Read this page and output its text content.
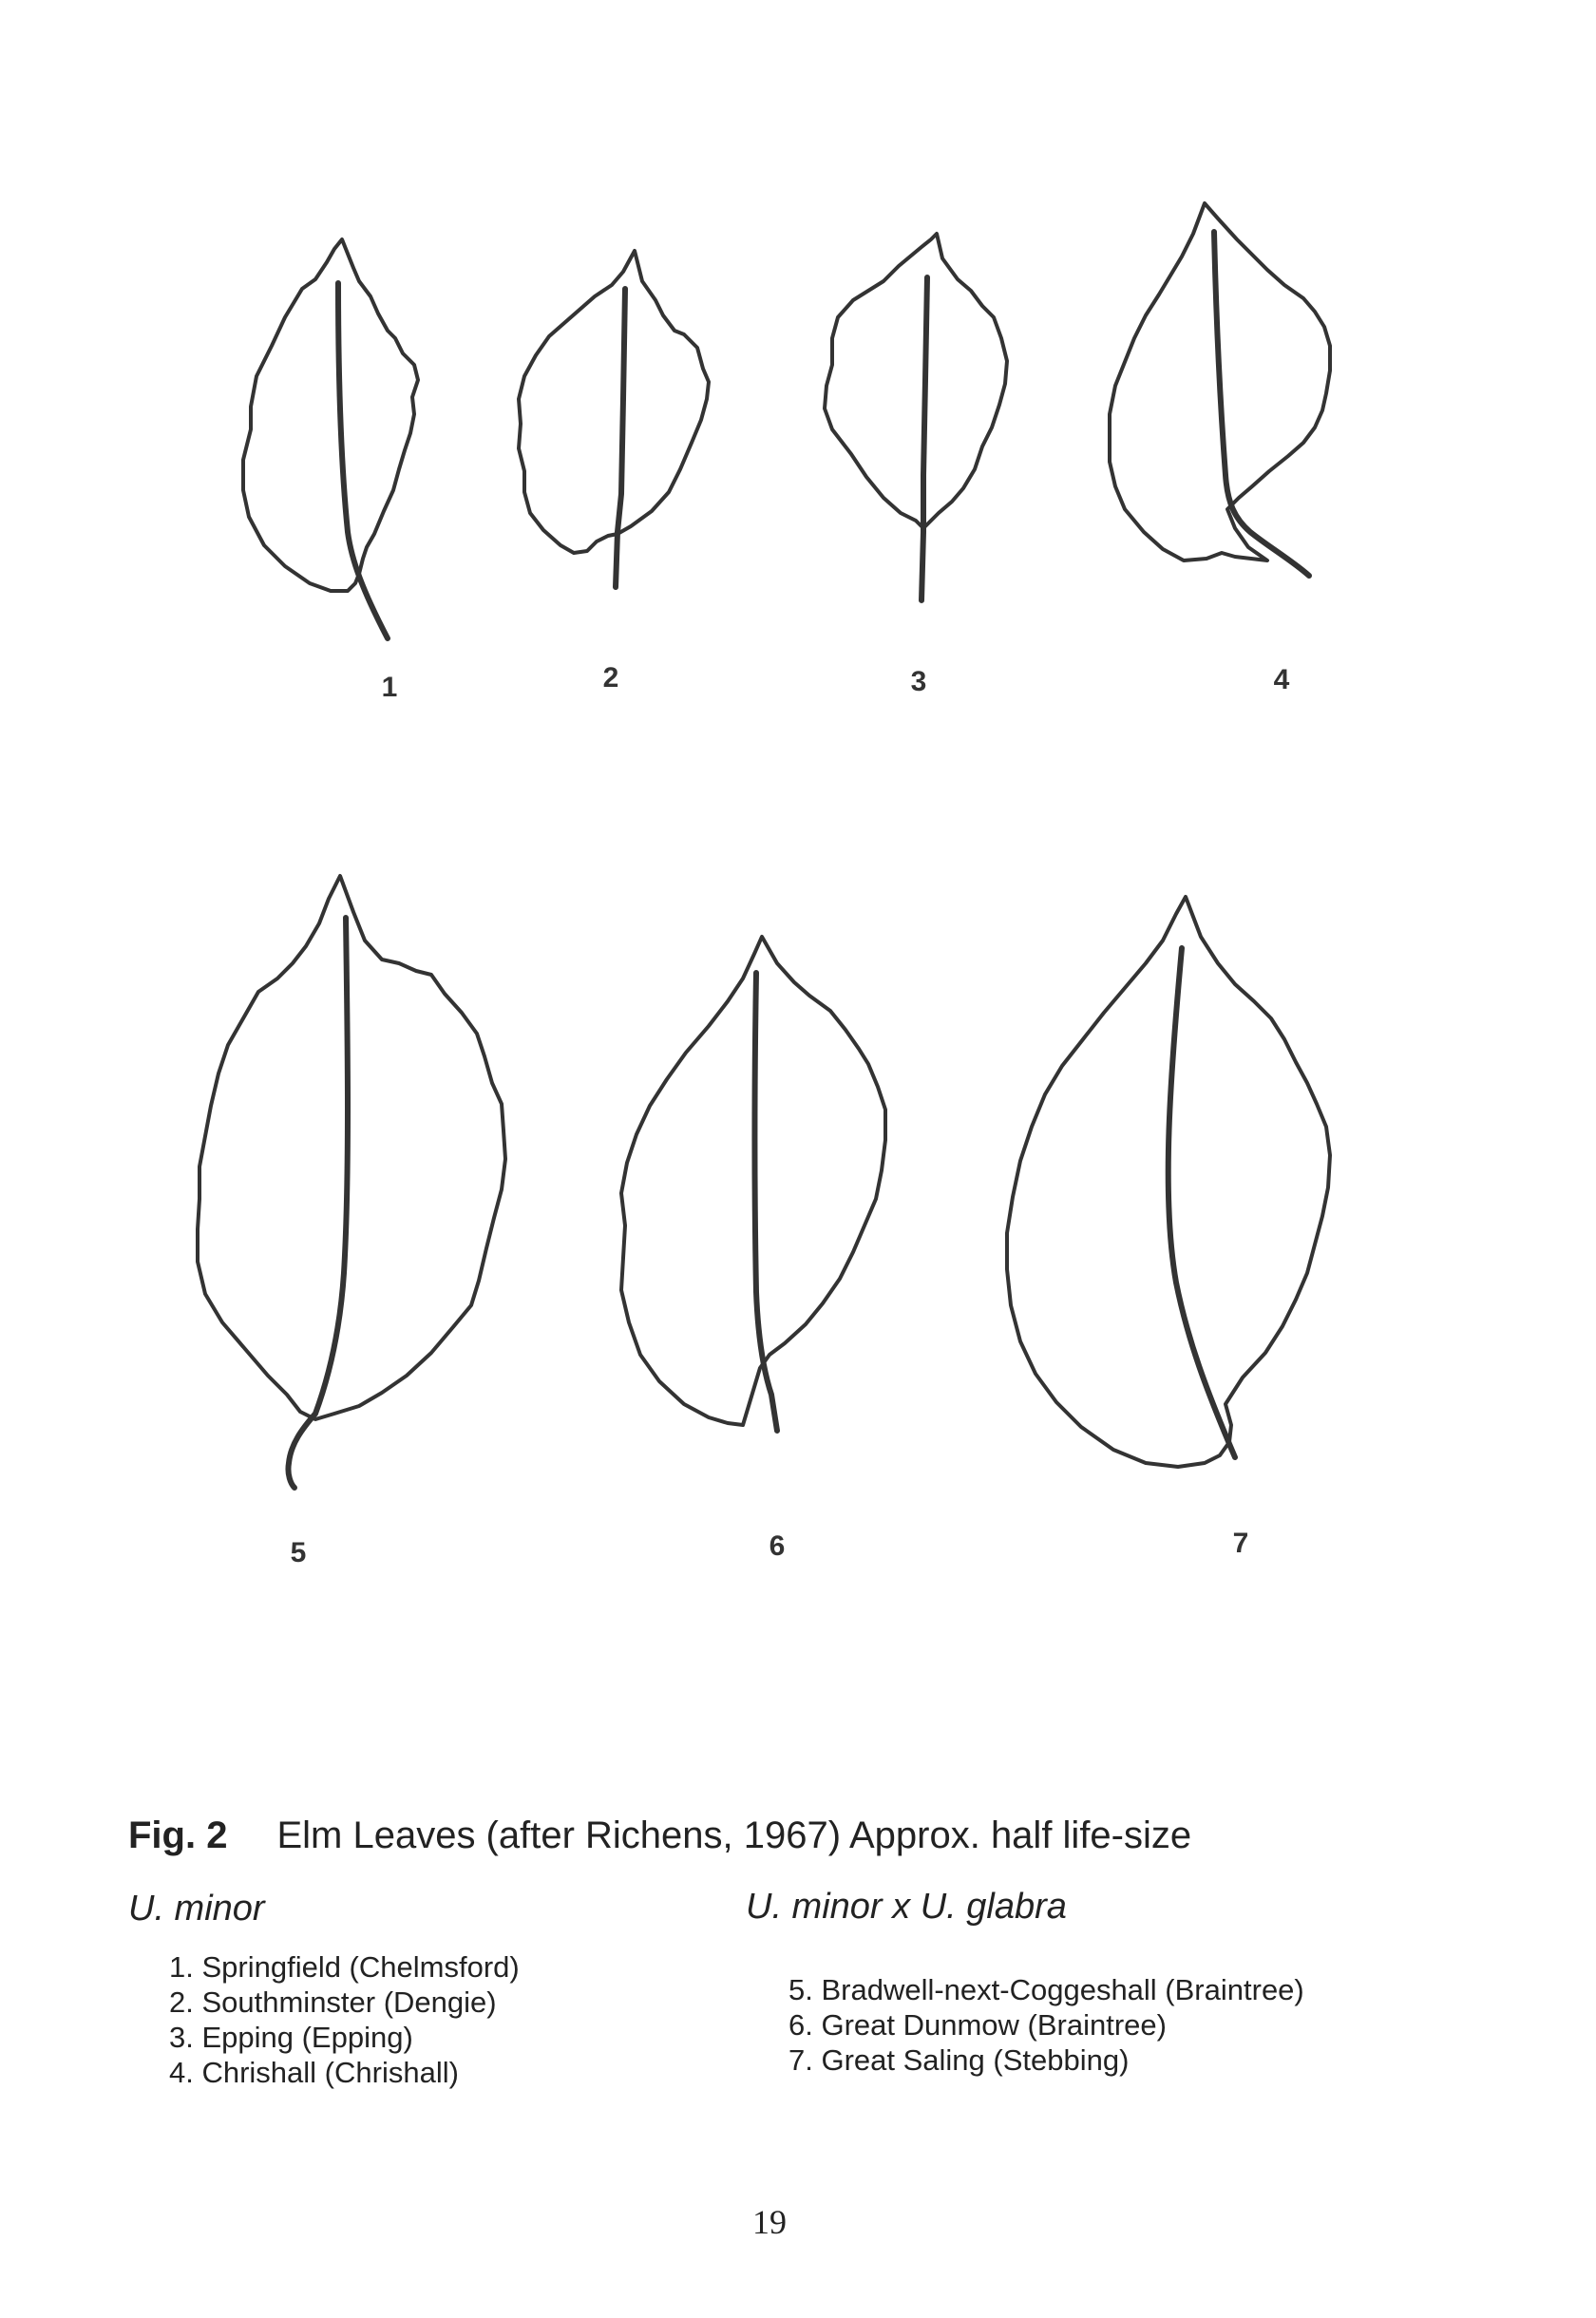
1	2	3	4
5	6	7
Fig. 2 Elm Leaves (after Richens, 1967) Approx. half life-size
U. minor
1. Springfield (Chelmsford)
2. Southminster (Dengie)
3. Epping (Epping)
4. Chrishall (Chrishall)
U. minor x U. glabra
5. Bradwell-next-Coggeshall (Braintree)
6. Great Dunmow (Braintree)
7. Great Saling (Stebbing)
19
